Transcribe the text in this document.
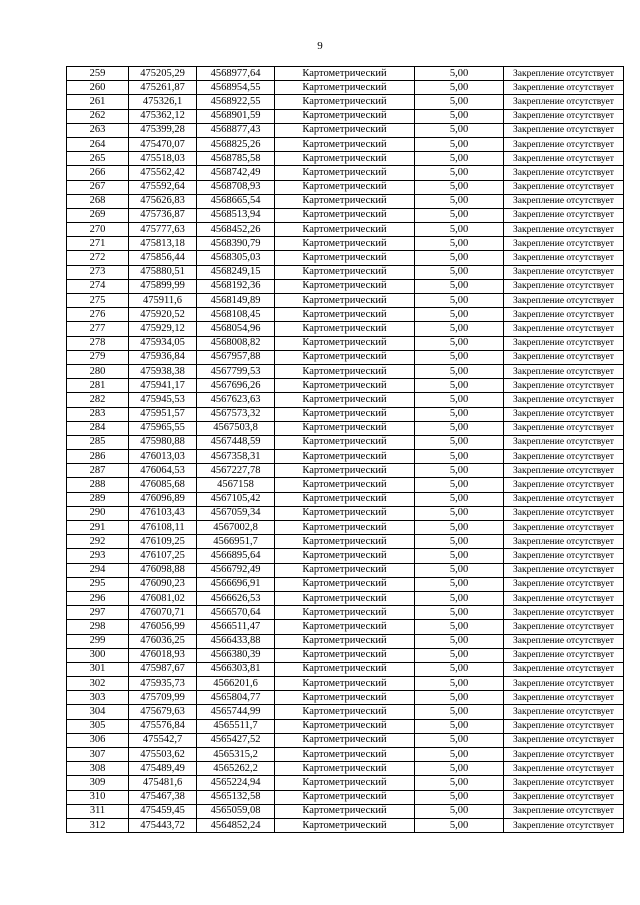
9
259	475205,29	4568977,64	Картометрический	5,00	Закрепление отсутствует
260	475261,87	4568954,55	Картометрический	5,00	Закрепление отсутствует
261	475326,1	4568922,55	Картометрический	5,00	Закрепление отсутствует
262	475362,12	4568901,59	Картометрический	5,00	Закрепление отсутствует
263	475399,28	4568877,43	Картометрический	5,00	Закрепление отсутствует
264	475470,07	4568825,26	Картометрический	5,00	Закрепление отсутствует
265	475518,03	4568785,58	Картометрический	5,00	Закрепление отсутствует
266	475562,42	4568742,49	Картометрический	5,00	Закрепление отсутствует
267	475592,64	4568708,93	Картометрический	5,00	Закрепление отсутствует
268	475626,83	4568665,54	Картометрический	5,00	Закрепление отсутствует
269	475736,87	4568513,94	Картометрический	5,00	Закрепление отсутствует
270	475777,63	4568452,26	Картометрический	5,00	Закрепление отсутствует
271	475813,18	4568390,79	Картометрический	5,00	Закрепление отсутствует
272	475856,44	4568305,03	Картометрический	5,00	Закрепление отсутствует
273	475880,51	4568249,15	Картометрический	5,00	Закрепление отсутствует
274	475899,99	4568192,36	Картометрический	5,00	Закрепление отсутствует
275	475911,6	4568149,89	Картометрический	5,00	Закрепление отсутствует
276	475920,52	4568108,45	Картометрический	5,00	Закрепление отсутствует
277	475929,12	4568054,96	Картометрический	5,00	Закрепление отсутствует
278	475934,05	4568008,82	Картометрический	5,00	Закрепление отсутствует
279	475936,84	4567957,88	Картометрический	5,00	Закрепление отсутствует
280	475938,38	4567799,53	Картометрический	5,00	Закрепление отсутствует
281	475941,17	4567696,26	Картометрический	5,00	Закрепление отсутствует
282	475945,53	4567623,63	Картометрический	5,00	Закрепление отсутствует
283	475951,57	4567573,32	Картометрический	5,00	Закрепление отсутствует
284	475965,55	4567503,8	Картометрический	5,00	Закрепление отсутствует
285	475980,88	4567448,59	Картометрический	5,00	Закрепление отсутствует
286	476013,03	4567358,31	Картометрический	5,00	Закрепление отсутствует
287	476064,53	4567227,78	Картометрический	5,00	Закрепление отсутствует
288	476085,68	4567158	Картометрический	5,00	Закрепление отсутствует
289	476096,89	4567105,42	Картометрический	5,00	Закрепление отсутствует
290	476103,43	4567059,34	Картометрический	5,00	Закрепление отсутствует
291	476108,11	4567002,8	Картометрический	5,00	Закрепление отсутствует
292	476109,25	4566951,7	Картометрический	5,00	Закрепление отсутствует
293	476107,25	4566895,64	Картометрический	5,00	Закрепление отсутствует
294	476098,88	4566792,49	Картометрический	5,00	Закрепление отсутствует
295	476090,23	4566696,91	Картометрический	5,00	Закрепление отсутствует
296	476081,02	4566626,53	Картометрический	5,00	Закрепление отсутствует
297	476070,71	4566570,64	Картометрический	5,00	Закрепление отсутствует
298	476056,99	4566511,47	Картометрический	5,00	Закрепление отсутствует
299	476036,25	4566433,88	Картометрический	5,00	Закрепление отсутствует
300	476018,93	4566380,39	Картометрический	5,00	Закрепление отсутствует
301	475987,67	4566303,81	Картометрический	5,00	Закрепление отсутствует
302	475935,73	4566201,6	Картометрический	5,00	Закрепление отсутствует
303	475709,99	4565804,77	Картометрический	5,00	Закрепление отсутствует
304	475679,63	4565744,99	Картометрический	5,00	Закрепление отсутствует
305	475576,84	4565511,7	Картометрический	5,00	Закрепление отсутствует
306	475542,7	4565427,52	Картометрический	5,00	Закрепление отсутствует
307	475503,62	4565315,2	Картометрический	5,00	Закрепление отсутствует
308	475489,49	4565262,2	Картометрический	5,00	Закрепление отсутствует
309	475481,6	4565224,94	Картометрический	5,00	Закрепление отсутствует
310	475467,38	4565132,58	Картометрический	5,00	Закрепление отсутствует
311	475459,45	4565059,08	Картометрический	5,00	Закрепление отсутствует
312	475443,72	4564852,24	Картометрический	5,00	Закрепление отсутствует
